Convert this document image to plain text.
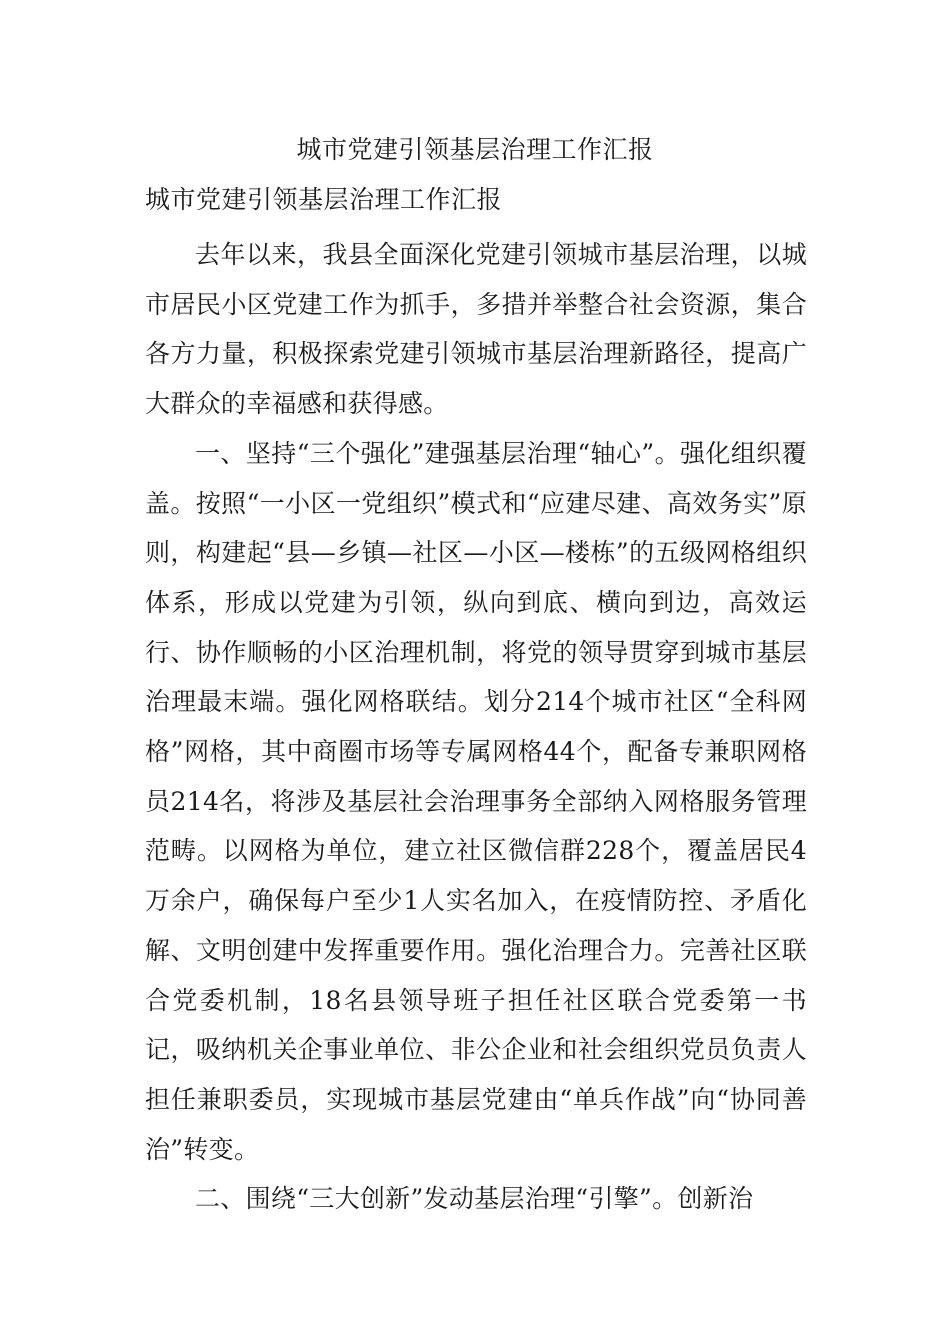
城市党建引领基层治理工作汇报
城市党建引领基层治理工作汇报

去年以来，我县全面深化党建引领城市基层治理，以城市居民小区党建工作为抓手，多措并举整合社会资源，集合各方力量，积极探索党建引领城市基层治理新路径，提高广大群众的幸福感和获得感。

一、坚持“三个强化”建强基层治理“轴心”。强化组织覆盖。按照“一小区一党组织”模式和“应建尽建、高效务实”原则，构建起“县—乡镇—社区—小区—楼栋”的五级网格组织体系，形成以党建为引领，纵向到底、横向到边，高效运行、协作顺畅的小区治理机制，将党的领导贯穿到城市基层治理最末端。强化网格联结。划分214个城市社区“全科网格”网格，其中商圈市场等专属网格44个，配备专兼职网格员214名，将涉及基层社会治理事务全部纳入网格服务管理范畴。以网格为单位，建立社区微信群228个，覆盖居民4万余户，确保每户至少1人实名加入，在疫情防控、矛盾化解、文明创建中发挥重要作用。强化治理合力。完善社区联合党委机制，18名县领导班子担任社区联合党委第一书记，吸纳机关企事业单位、非公企业和社会组织党员负责人担任兼职委员，实现城市基层党建由“单兵作战”向“协同善治”转变。

二、围绕“三大创新”发动基层治理“引擎”。创新治
